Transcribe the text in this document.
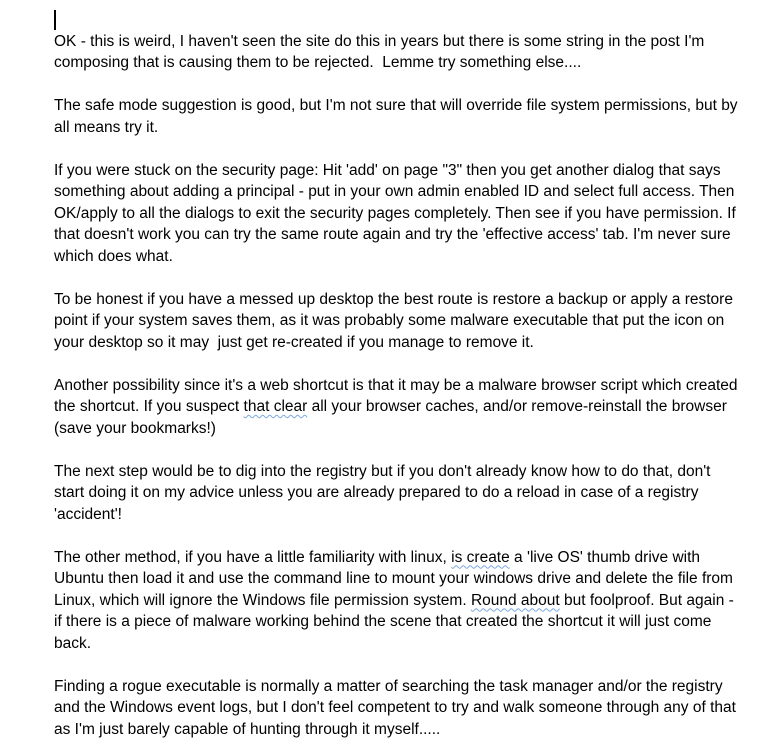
OK - this is weird, I haven't seen the site do this in years but there is some string in the post I'm composing that is causing them to be rejected.  Lemme try something else....

The safe mode suggestion is good, but I'm not sure that will override file system permissions, but by all means try it.

If you were stuck on the security page: Hit 'add' on page "3" then you get another dialog that says something about adding a principal - put in your own admin enabled ID and select full access. Then OK/apply to all the dialogs to exit the security pages completely. Then see if you have permission. If that doesn't work you can try the same route again and try the 'effective access' tab. I'm never sure which does what.

To be honest if you have a messed up desktop the best route is restore a backup or apply a restore point if your system saves them, as it was probably some malware executable that put the icon on your desktop so it may  just get re-created if you manage to remove it.

Another possibility since it's a web shortcut is that it may be a malware browser script which created the shortcut. If you suspect that clear all your browser caches, and/or remove-reinstall the browser (save your bookmarks!)

The next step would be to dig into the registry but if you don't already know how to do that, don't start doing it on my advice unless you are already prepared to do a reload in case of a registry 'accident'!

The other method, if you have a little familiarity with linux, is create a 'live OS' thumb drive with Ubuntu then load it and use the command line to mount your windows drive and delete the file from Linux, which will ignore the Windows file permission system. Round about but foolproof. But again - if there is a piece of malware working behind the scene that created the shortcut it will just come back.

Finding a rogue executable is normally a matter of searching the task manager and/or the registry and the Windows event logs, but I don't feel competent to try and walk someone through any of that as I'm just barely capable of hunting through it myself.....
